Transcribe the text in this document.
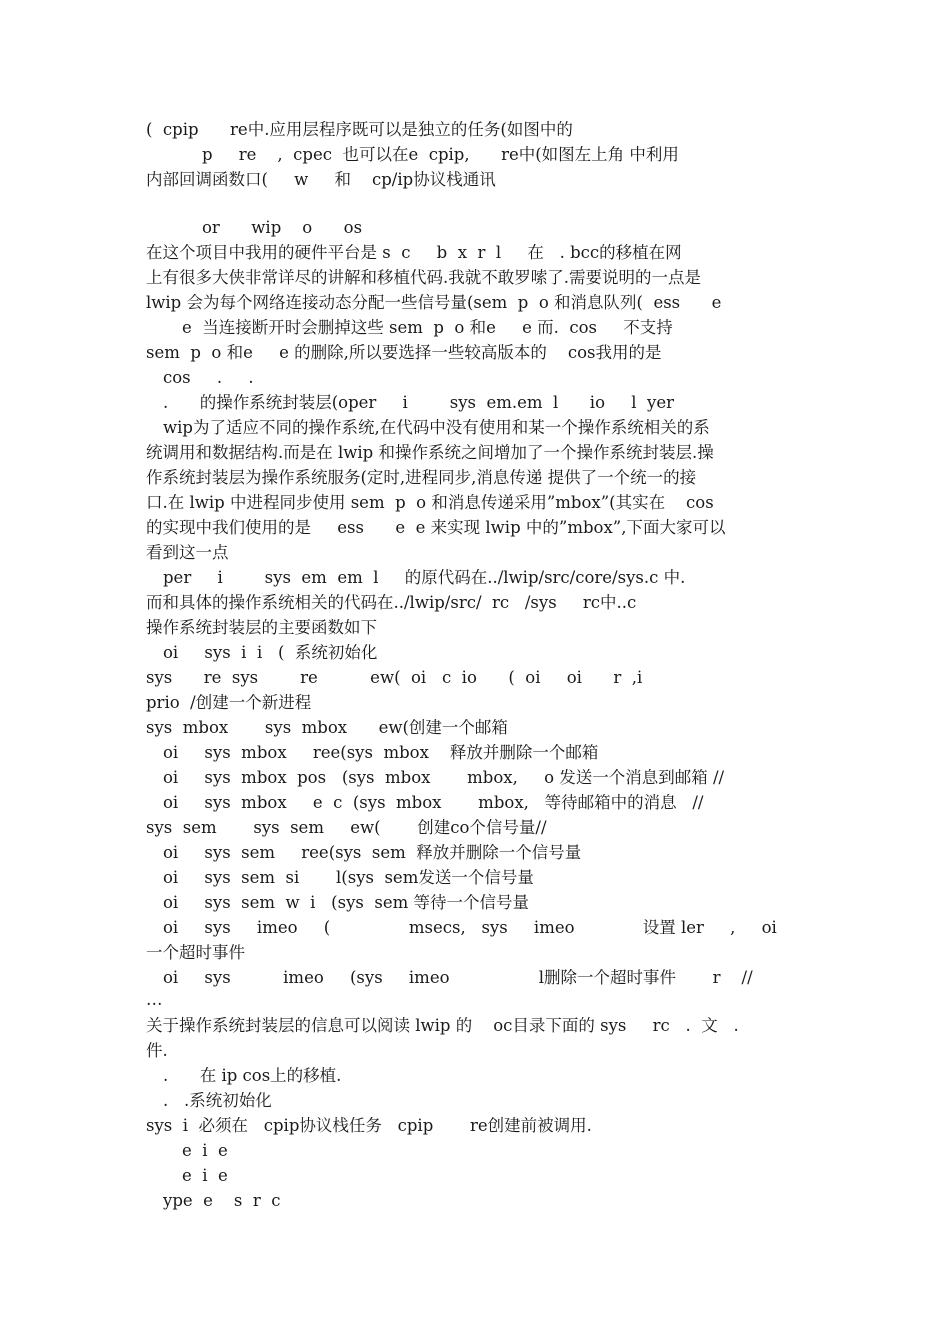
(  cpip      re中.应用层程序既可以是独立的任务(如图中的
p     re    ,  cpec  也可以在e  cpip,      re中(如图左上角 中利用
内部回调函数口(     w     和    cp/ip协议栈通讯
or      wip    o      os
在这个项目中我用的硬件平台是 s  c     b  x  r  l     在   . bcc的移植在网
上有很多大侠非常详尽的讲解和移植代码.我就不敢罗嗦了.需要说明的一点是
lwip 会为每个网络连接动态分配一些信号量(sem  p  o 和消息队列(  ess      e
e  当连接断开时会删掉这些 sem  p  o 和e     e 而.  cos     不支持
sem  p  o 和e     e 的删除,所以要选择一些较高版本的    cos我用的是
cos     .     .
.      的操作系统封装层(oper     i        sys  em.em  l      io     l  yer
wip为了适应不同的操作系统,在代码中没有使用和某一个操作系统相关的系
统调用和数据结构.而是在 lwip 和操作系统之间增加了一个操作系统封装层.操
作系统封装层为操作系统服务(定时,进程同步,消息传递 提供了一个统一的接
口.在 lwip 中进程同步使用 sem  p  o 和消息传递采用”mbox”(其实在    cos
的实现中我们使用的是     ess      e  e 来实现 lwip 中的”mbox”,下面大家可以
看到这一点
per     i        sys  em  em  l     的原代码在../lwip/src/core/sys.c 中.
而和具体的操作系统相关的代码在../lwip/src/  rc   /sys     rc中..c
操作系统封装层的主要函数如下
oi     sys  i  i   (  系统初始化
sys      re  sys        re          ew(  oi   c  io      (  oi     oi      r  ,i
prio  /创建一个新进程
sys  mbox       sys  mbox      ew(创建一个邮箱
oi     sys  mbox     ree(sys  mbox    释放并删除一个邮箱
oi     sys  mbox  pos   (sys  mbox       mbox,     o 发送一个消息到邮箱 //
oi     sys  mbox     e  c  (sys  mbox       mbox,   等待邮箱中的消息   //
sys  sem       sys  sem     ew(       创建co个信号量//
oi     sys  sem     ree(sys  sem  释放并删除一个信号量
oi     sys  sem  si       l(sys  sem发送一个信号量
oi     sys  sem  w  i   (sys  sem 等待一个信号量
oi     sys     imeo     (               msecs,   sys     imeo             设置 ler     ,     oi
一个超时事件
oi     sys          imeo     (sys     imeo                 l删除一个超时事件       r    //
…
关于操作系统封装层的信息可以阅读 lwip 的    oc目录下面的 sys     rc   .  文   .
件.
.      在 ip cos上的移植.
.   .系统初始化
sys  i  必须在   cpip协议栈任务   cpip       re创建前被调用.
e  i  e
e  i  e
ype  e    s  r  c
